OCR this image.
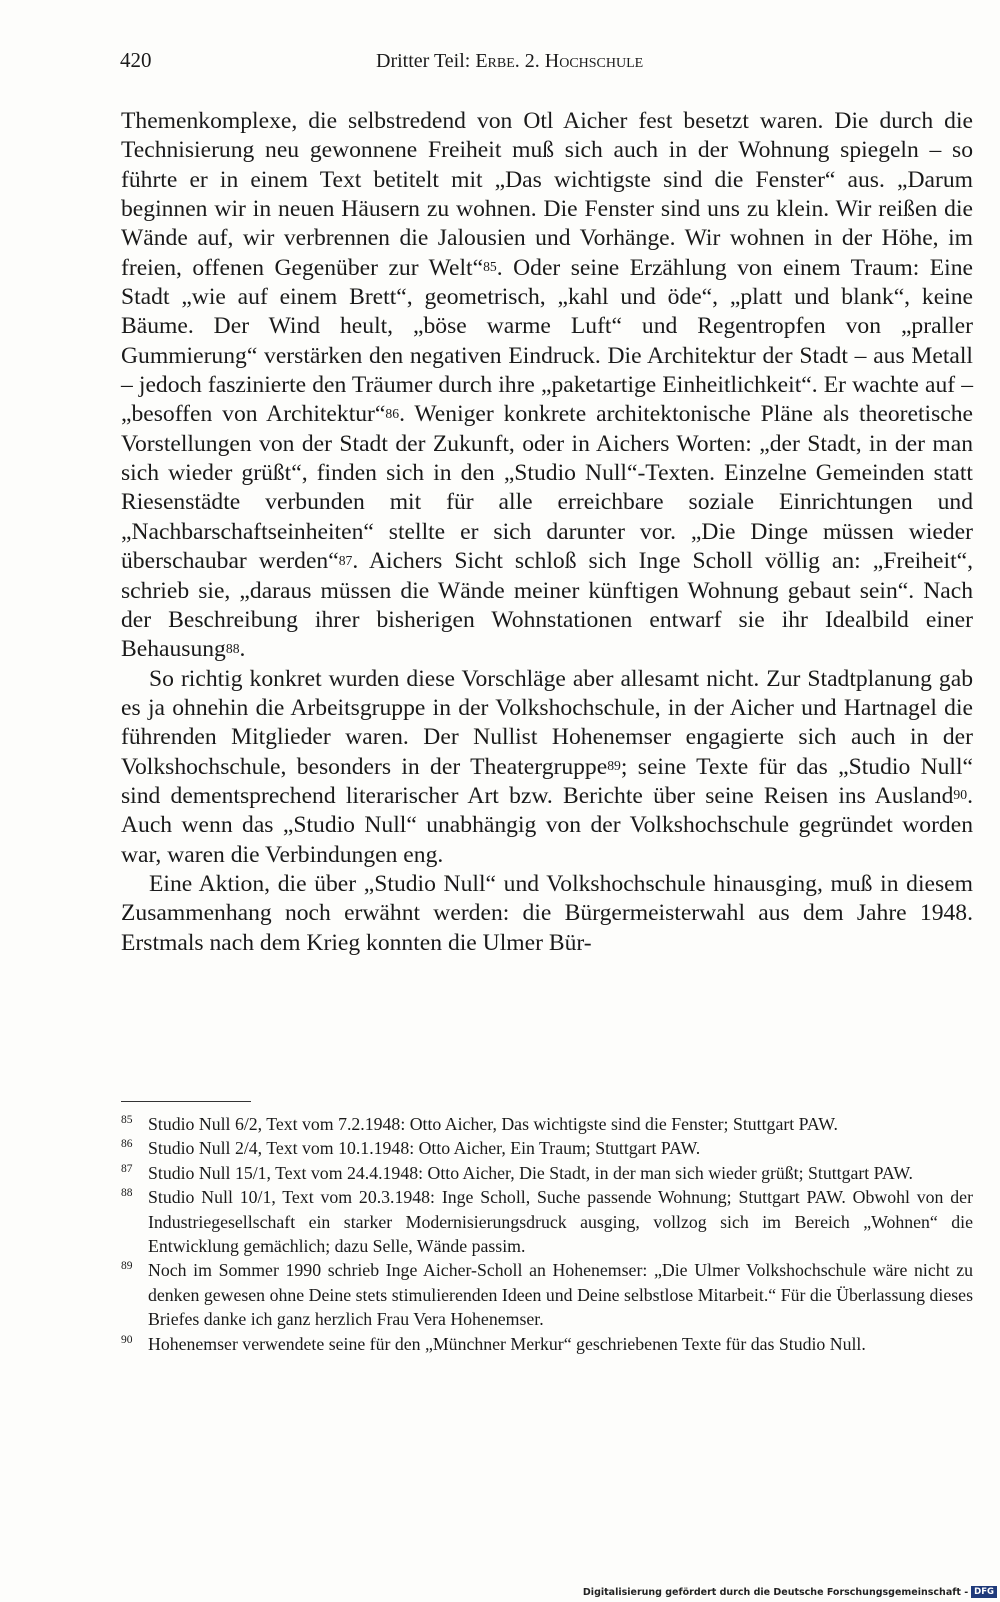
420	Dritter Teil: Erbe. 2. Hochschule

Themenkomplexe, die selbstredend von Otl Aicher fest besetzt waren. Die durch die Technisierung neu gewonnene Freiheit muß sich auch in der Wohnung spiegeln – so führte er in einem Text betitelt mit „Das wichtigste sind die Fenster“ aus. „Darum beginnen wir in neuen Häusern zu wohnen. Die Fenster sind uns zu klein. Wir reißen die Wände auf, wir verbrennen die Jalousien und Vorhänge. Wir wohnen in der Höhe, im freien, offenen Gegenüber zur Welt“$^{85}$. Oder seine Erzählung von einem Traum: Eine Stadt „wie auf einem Brett“, geometrisch, „kahl und öde“, „platt und blank“, keine Bäume. Der Wind heult, „böse warme Luft“ und Regentropfen von „praller Gummierung“ verstärken den negativen Eindruck. Die Architektur der Stadt – aus Metall – jedoch faszinierte den Träumer durch ihre „paketartige Einheitlichkeit“. Er wachte auf – „besoffen von Architektur“$^{86}$. Weniger konkrete architektonische Pläne als theoretische Vorstellungen von der Stadt der Zukunft, oder in Aichers Worten: „der Stadt, in der man sich wieder grüßt“, finden sich in den „Studio Null“-Texten. Einzelne Gemeinden statt Riesenstädte verbunden mit für alle erreichbare soziale Einrichtungen und „Nachbarschaftseinheiten“ stellte er sich darunter vor. „Die Dinge müssen wieder überschaubar werden“$^{87}$. Aichers Sicht schloß sich Inge Scholl völlig an: „Freiheit“, schrieb sie, „daraus müssen die Wände meiner künftigen Wohnung gebaut sein“. Nach der Beschreibung ihrer bisherigen Wohnstationen entwarf sie ihr Idealbild einer Behausung$^{88}$.

So richtig konkret wurden diese Vorschläge aber allesamt nicht. Zur Stadtplanung gab es ja ohnehin die Arbeitsgruppe in der Volkshochschule, in der Aicher und Hartnagel die führenden Mitglieder waren. Der Nullist Hohenemser engagierte sich auch in der Volkshochschule, besonders in der Theatergruppe$^{89}$; seine Texte für das „Studio Null“ sind dementsprechend literarischer Art bzw. Berichte über seine Reisen ins Ausland$^{90}$. Auch wenn das „Studio Null“ unabhängig von der Volkshochschule gegründet worden war, waren die Verbindungen eng.

Eine Aktion, die über „Studio Null“ und Volkshochschule hinausging, muß in diesem Zusammenhang noch erwähnt werden: die Bürgermeisterwahl aus dem Jahre 1948. Erstmals nach dem Krieg konnten die Ulmer Bür-

85 Studio Null 6/2, Text vom 7.2.1948: Otto Aicher, Das wichtigste sind die Fenster; Stuttgart PAW.
86 Studio Null 2/4, Text vom 10.1.1948: Otto Aicher, Ein Traum; Stuttgart PAW.
87 Studio Null 15/1, Text vom 24.4.1948: Otto Aicher, Die Stadt, in der man sich wieder grüßt; Stuttgart PAW.
88 Studio Null 10/1, Text vom 20.3.1948: Inge Scholl, Suche passende Wohnung; Stuttgart PAW. Obwohl von der Industriegesellschaft ein starker Modernisierungsdruck ausging, vollzog sich im Bereich „Wohnen“ die Entwicklung gemächlich; dazu Selle, Wände passim.
89 Noch im Sommer 1990 schrieb Inge Aicher-Scholl an Hohenemser: „Die Ulmer Volkshochschule wäre nicht zu denken gewesen ohne Deine stets stimulierenden Ideen und Deine selbstlose Mitarbeit.“ Für die Überlassung dieses Briefes danke ich ganz herzlich Frau Vera Hohenemser.
90 Hohenemser verwendete seine für den „Münchner Merkur“ geschriebenen Texte für das Studio Null.
Digitalisierung gefördert durch die Deutsche Forschungsgemeinschaft - DFG
